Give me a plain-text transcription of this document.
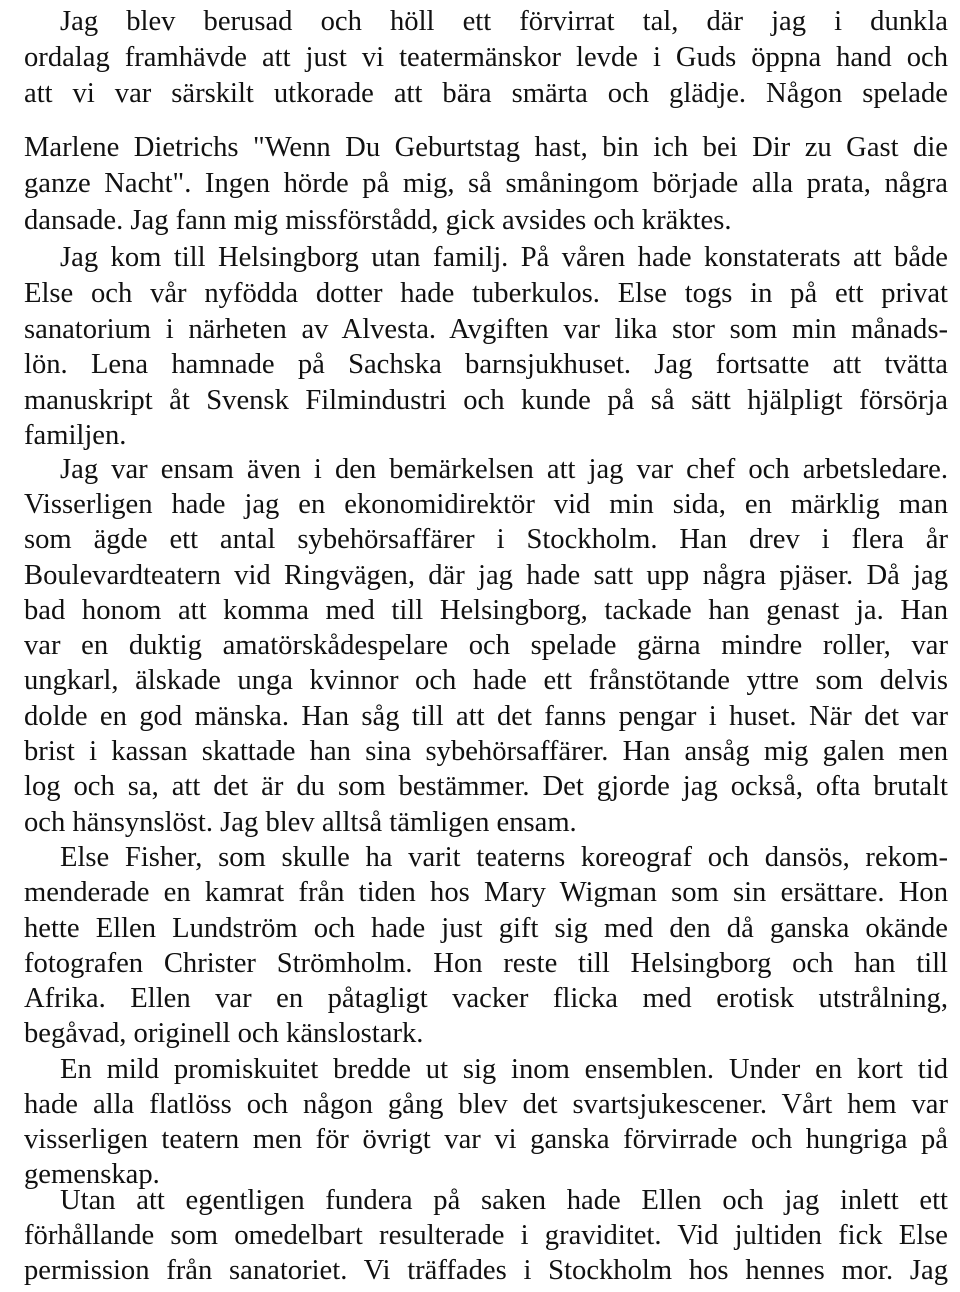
Jag blev berusad och höll ett förvirrat tal, där jag i dunkla
ordalag framhävde att just vi teatermänskor levde i Guds öppna hand och
att vi var särskilt utkorade att bära smärta och glädje. Någon spelade
Marlene Dietrichs "Wenn Du Geburtstag hast, bin ich bei Dir zu Gast die
ganze Nacht". Ingen hörde på mig, så småningom började alla prata, några
dansade. Jag fann mig missförstådd, gick avsides och kräktes.
Jag kom till Helsingborg utan familj. På våren hade konstaterats att både
Else och vår nyfödda dotter hade tuberkulos. Else togs in på ett privat
sanatorium i närheten av Alvesta. Avgiften var lika stor som min månads-
lön. Lena hamnade på Sachska barnsjukhuset. Jag fortsatte att tvätta
manuskript åt Svensk Filmindustri och kunde på så sätt hjälpligt försörja
familjen.
Jag var ensam även i den bemärkelsen att jag var chef och arbetsledare.
Visserligen hade jag en ekonomidirektör vid min sida, en märklig man
som ägde ett antal sybehörsaffärer i Stockholm. Han drev i flera år
Boulevardteatern vid Ringvägen, där jag hade satt upp några pjäser. Då jag
bad honom att komma med till Helsingborg, tackade han genast ja. Han
var en duktig amatörskådespelare och spelade gärna mindre roller, var
ungkarl, älskade unga kvinnor och hade ett frånstötande yttre som delvis
dolde en god mänska. Han såg till att det fanns pengar i huset. När det var
brist i kassan skattade han sina sybehörsaffärer. Han ansåg mig galen men
log och sa, att det är du som bestämmer. Det gjorde jag också, ofta brutalt
och hänsynslöst. Jag blev alltså tämligen ensam.
Else Fisher, som skulle ha varit teaterns koreograf och dansös, rekom-
menderade en kamrat från tiden hos Mary Wigman som sin ersättare. Hon
hette Ellen Lundström och hade just gift sig med den då ganska okände
fotografen Christer Strömholm. Hon reste till Helsingborg och han till
Afrika. Ellen var en påtagligt vacker flicka med erotisk utstrålning,
begåvad, originell och känslostark.
En mild promiskuitet bredde ut sig inom ensemblen. Under en kort tid
hade alla flatlöss och någon gång blev det svartsjukescener. Vårt hem var
visserligen teatern men för övrigt var vi ganska förvirrade och hungriga på
gemenskap.
Utan att egentligen fundera på saken hade Ellen och jag inlett ett
förhållande som omedelbart resulterade i graviditet. Vid jultiden fick Else
permission från sanatoriet. Vi träffades i Stockholm hos hennes mor. Jag
